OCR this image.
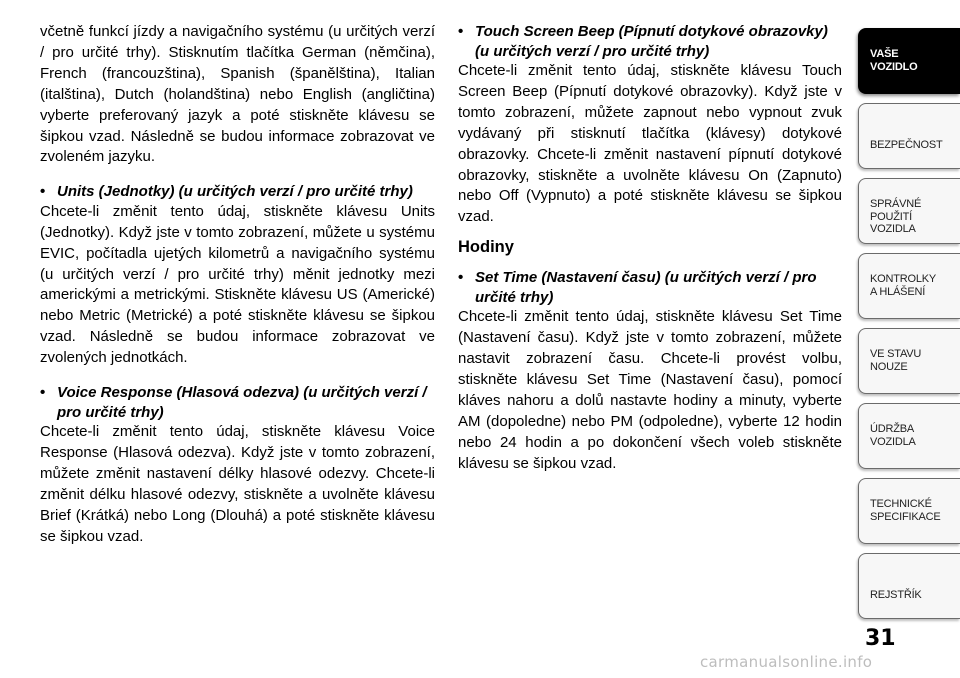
včetně funkcí jízdy a navigačního systému (u určitých verzí / pro určité trhy). Stisknutím tlačítka German (němčina), French (francouzština), Spanish (španělština), Italian (italština), Dutch (holandština) nebo English (angličtina) vyberte preferovaný jazyk a poté stiskněte klávesu se šipkou vzad. Následně se budou informace zobrazovat ve zvoleném jazyku.

• Units (Jednotky) (u určitých verzí / pro určité trhy)

Chcete-li změnit tento údaj, stiskněte klávesu Units (Jednotky). Když jste v tomto zobrazení, můžete u systému EVIC, počítadla ujetých kilometrů a navigačního systému (u určitých verzí / pro určité trhy) měnit jednotky mezi americkými a metrickými. Stiskněte klávesu US (Americké) nebo Metric (Metrické) a poté stiskněte klávesu se šipkou vzad. Následně se budou informace zobrazovat ve zvolených jednotkách.

• Voice Response (Hlasová odezva) (u určitých verzí / pro určité trhy)

Chcete-li změnit tento údaj, stiskněte klávesu Voice Response (Hlasová odezva). Když jste v tomto zobrazení, můžete změnit nastavení délky hlasové odezvy. Chcete-li změnit délku hlasové odezvy, stiskněte a uvolněte klávesu Brief (Krátká) nebo Long (Dlouhá) a poté stiskněte klávesu se šipkou vzad.

• Touch Screen Beep (Pípnutí dotykové obrazovky) (u určitých verzí / pro určité trhy)

Chcete-li změnit tento údaj, stiskněte klávesu Touch Screen Beep (Pípnutí dotykové obrazovky). Když jste v tomto zobrazení, můžete zapnout nebo vypnout zvuk vydávaný při stisknutí tlačítka (klávesy) dotykové obrazovky. Chcete-li změnit nastavení pípnutí dotykové obrazovky, stiskněte a uvolněte klávesu On (Zapnuto) nebo Off (Vypnuto) a poté stiskněte klávesu se šipkou vzad.

Hodiny
• Set Time (Nastavení času) (u určitých verzí / pro určité trhy)

Chcete-li změnit tento údaj, stiskněte klávesu Set Time (Nastavení času). Když jste v tomto zobrazení, můžete nastavit zobrazení času. Chcete-li provést volbu, stiskněte klávesu Set Time (Nastavení času), pomocí kláves nahoru a dolů nastavte hodiny a minuty, vyberte AM (dopoledne) nebo PM (odpoledne), vyberte 12 hodin nebo 24 hodin a po dokončení všech voleb stiskněte klávesu se šipkou vzad.

VAŠE
VOZIDLO
BEZPEČNOST
SPRÁVNÉ
POUŽITÍ
VOZIDLA
KONTROLKY
A HLÁŠENÍ
VE STAVU
NOUZE
ÚDRŽBA
VOZIDLA
TECHNICKÉ
SPECIFIKACE
REJSTŘÍK
31
carmanualsonline.info
